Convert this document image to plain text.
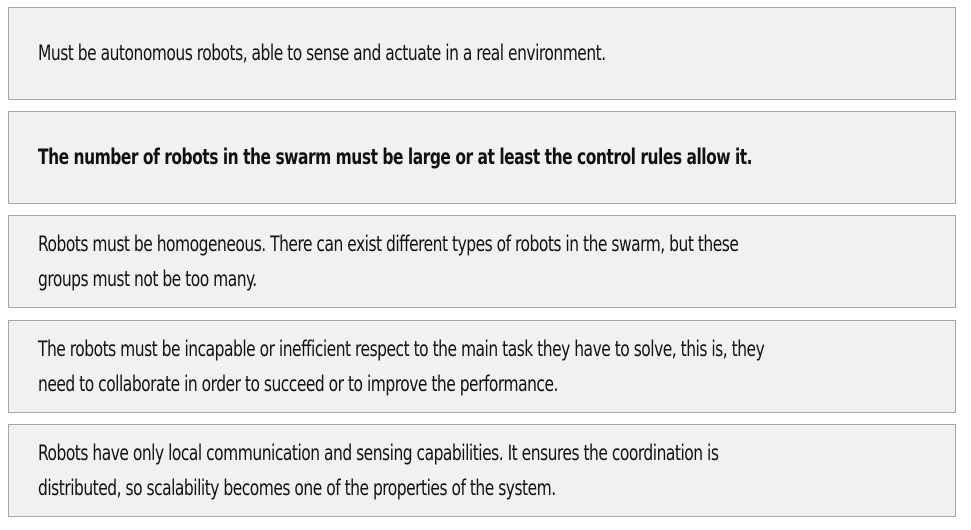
Must be autonomous robots, able to sense and actuate in a real environment.
The number of robots in the swarm must be large or at least the control rules allow it.
Robots must be homogeneous. There can exist different types of robots in the swarm, but these groups must not be too many.
The robots must be incapable or inefficient respect to the main task they have to solve, this is, they need to collaborate in order to succeed or to improve the performance.
Robots have only local communication and sensing capabilities. It ensures the coordination is distributed, so scalability becomes one of the properties of the system.
